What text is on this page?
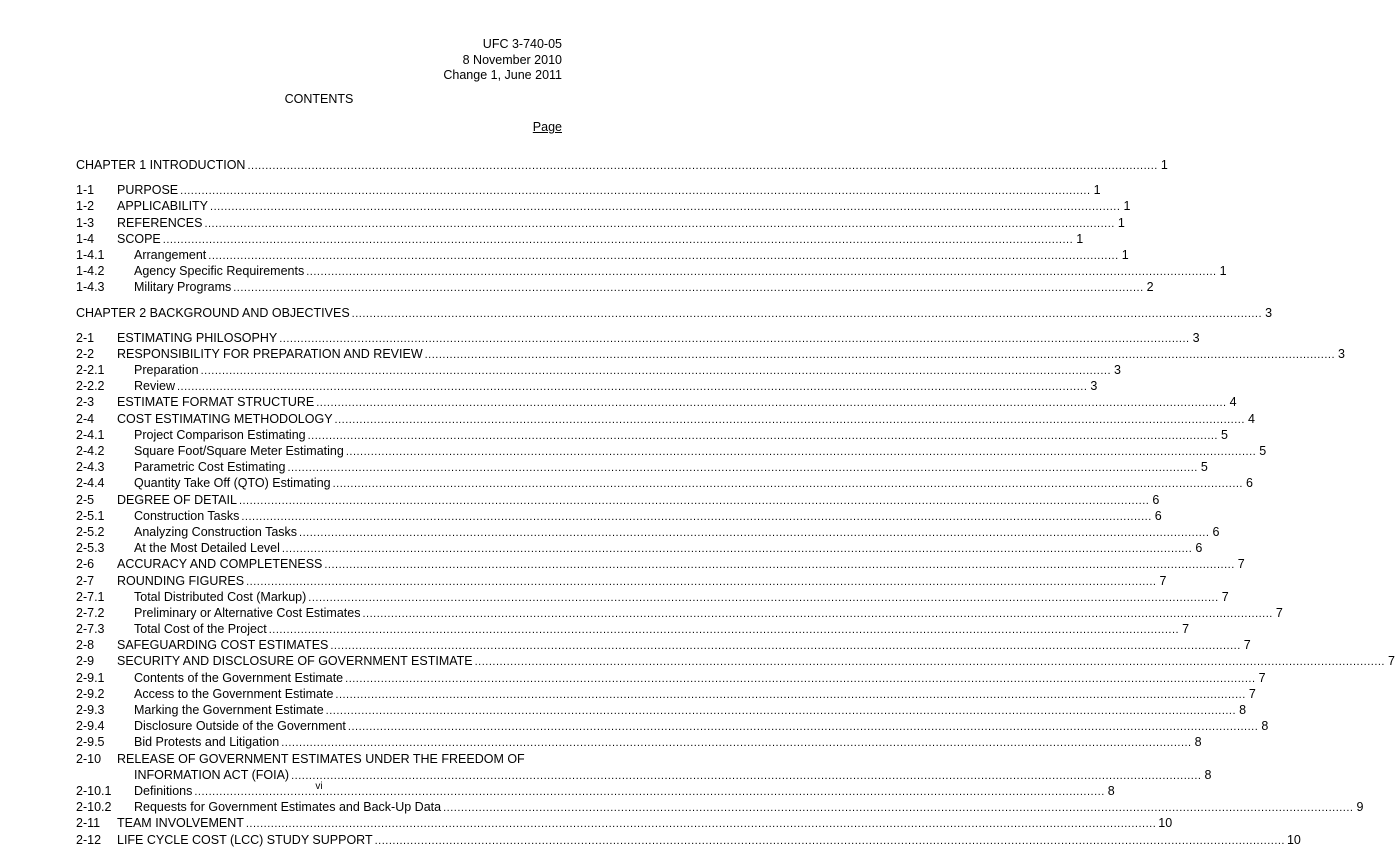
UFC 3-740-05
8 November 2010
Change 1, June 2011
CONTENTS
Page
CHAPTER 1 INTRODUCTION .....	1
1-1	PURPOSE .....	1
1-2	APPLICABILITY .....	1
1-3	REFERENCES .....	1
1-4	SCOPE .....	1
1-4.1	Arrangement .....	1
1-4.2	Agency Specific Requirements .....	1
1-4.3	Military Programs .....	2
CHAPTER 2 BACKGROUND AND OBJECTIVES .....	3
2-1	ESTIMATING PHILOSOPHY .....	3
2-2	RESPONSIBILITY FOR PREPARATION AND REVIEW .....	3
2-2.1	Preparation .....	3
2-2.2	Review .....	3
2-3	ESTIMATE FORMAT STRUCTURE .....	4
2-4	COST ESTIMATING METHODOLOGY .....	4
2-4.1	Project Comparison Estimating .....	5
2-4.2	Square Foot/Square Meter Estimating .....	5
2-4.3	Parametric Cost Estimating .....	5
2-4.4	Quantity Take Off (QTO) Estimating .....	6
2-5	DEGREE OF DETAIL .....	6
2-5.1	Construction Tasks .....	6
2-5.2	Analyzing Construction Tasks .....	6
2-5.3	At the Most Detailed Level .....	6
2-6	ACCURACY AND COMPLETENESS .....	7
2-7	ROUNDING FIGURES .....	7
2-7.1	Total Distributed Cost (Markup) .....	7
2-7.2	Preliminary or Alternative Cost Estimates .....	7
2-7.3	Total Cost of the Project .....	7
2-8	SAFEGUARDING COST ESTIMATES .....	7
2-9	SECURITY AND DISCLOSURE OF GOVERNMENT ESTIMATE .....	7
2-9.1	Contents of the Government Estimate .....	7
2-9.2	Access to the Government Estimate .....	7
2-9.3	Marking the Government Estimate .....	8
2-9.4	Disclosure Outside of the Government .....	8
2-9.5	Bid Protests and Litigation .....	8
2-10	RELEASE OF GOVERNMENT ESTIMATES UNDER THE FREEDOM OF
INFORMATION ACT (FOIA) .....	8
2-10.1	Definitions .....	8
2-10.2	Requests for Government Estimates and Back-Up Data .....	9
2-11	TEAM INVOLVEMENT .....	10
2-12	LIFE CYCLE COST (LCC) STUDY SUPPORT .....	10
vi
